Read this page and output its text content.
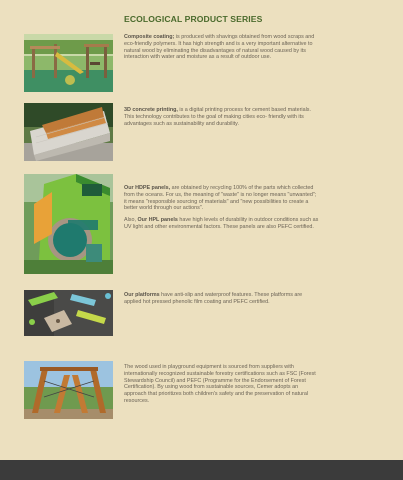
ECOLOGICAL PRODUCT SERIES

Composite coating; is produced with shavings obtained from wood scraps and eco-friendly polymers. It has high strength and is a very important alternative to natural wood by eliminating the disadvantages of natural wood caused by its interaction with water and moisture as a result of outdoor use.

3D concrete printing, is a digital printing process for cement based materials. This technology contributes to the goal of making cities eco- friendly with its advantages such as sustainability and durability.

Our HDPE panels, are obtained by recycling 100% of the parts which collected from the oceans. For us, the meaning of "waste" is no longer means "unwanted"; it means "responsible sourcing of materials" and "new possibilities to create a better world through our actions".

Also, Our HPL panels have high levels of durability in outdoor conditions such as UV light and other environmental factors. These panels are also PEFC certified.

Our platforms have anti-slip and waterproof features. These platforms are applied hot pressed phenolic film coating and PEFC certified.

The wood used in playground equipment is sourced from suppliers with internationally recognized sustainable forestry certifications such as FSC (Forest Stewardship Council) and PEFC (Programme for the Endorsement of Forest Certification). By using wood from sustainable sources, Cemer adopts an approach that prioritizes both children's safety and the preservation of natural resources.
